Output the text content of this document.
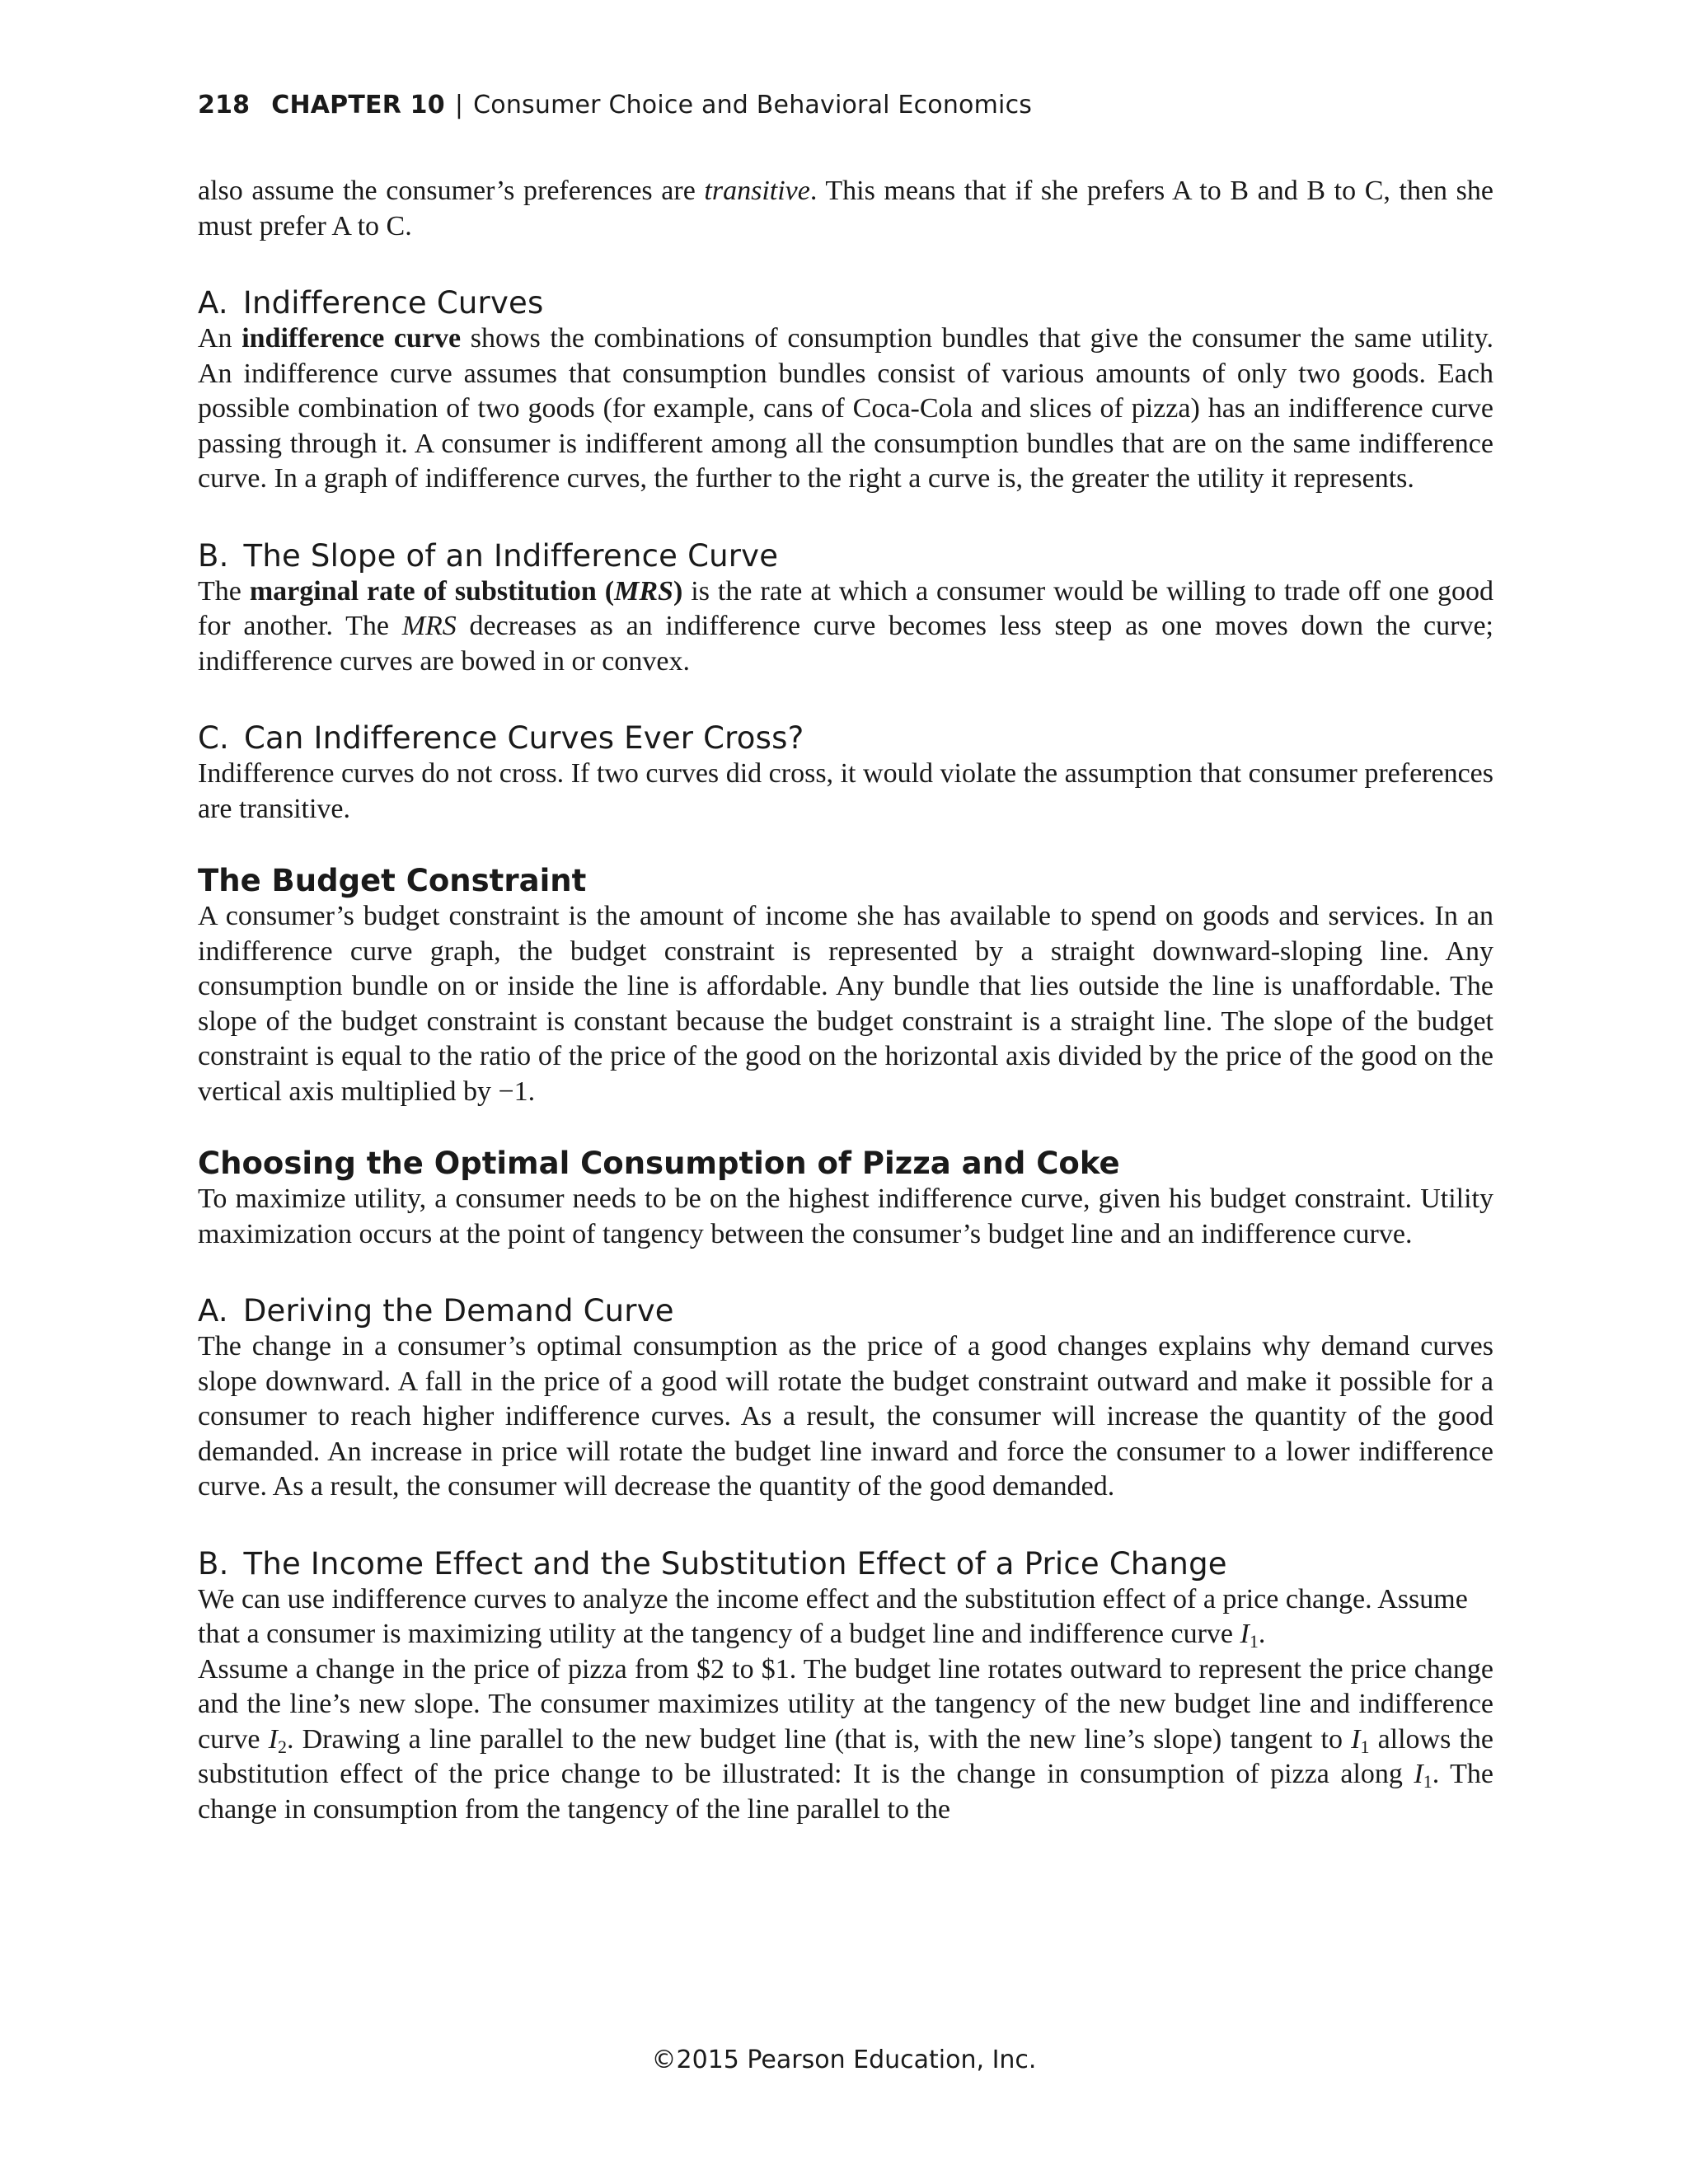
218 CHAPTER 10 | Consumer Choice and Behavioral Economics

also assume the consumer’s preferences are transitive. This means that if she prefers A to B and B to C, then she must prefer A to C.

A. Indifference Curves

An indifference curve shows the combinations of consumption bundles that give the consumer the same utility. An indifference curve assumes that consumption bundles consist of various amounts of only two goods. Each possible combination of two goods (for example, cans of Coca-Cola and slices of pizza) has an indifference curve passing through it. A consumer is indifferent among all the consumption bundles that are on the same indifference curve. In a graph of indifference curves, the further to the right a curve is, the greater the utility it represents.

B. The Slope of an Indifference Curve

The marginal rate of substitution (MRS) is the rate at which a consumer would be willing to trade off one good for another. The MRS decreases as an indifference curve becomes less steep as one moves down the curve; indifference curves are bowed in or convex.

C. Can Indifference Curves Ever Cross?

Indifference curves do not cross. If two curves did cross, it would violate the assumption that consumer preferences are transitive.

The Budget Constraint

A consumer’s budget constraint is the amount of income she has available to spend on goods and services. In an indifference curve graph, the budget constraint is represented by a straight downward-sloping line. Any consumption bundle on or inside the line is affordable. Any bundle that lies outside the line is unaffordable. The slope of the budget constraint is constant because the budget constraint is a straight line. The slope of the budget constraint is equal to the ratio of the price of the good on the horizontal axis divided by the price of the good on the vertical axis multiplied by −1.

Choosing the Optimal Consumption of Pizza and Coke

To maximize utility, a consumer needs to be on the highest indifference curve, given his budget constraint. Utility maximization occurs at the point of tangency between the consumer’s budget line and an indifference curve.

A. Deriving the Demand Curve

The change in a consumer’s optimal consumption as the price of a good changes explains why demand curves slope downward. A fall in the price of a good will rotate the budget constraint outward and make it possible for a consumer to reach higher indifference curves. As a result, the consumer will increase the quantity of the good demanded. An increase in price will rotate the budget line inward and force the consumer to a lower indifference curve. As a result, the consumer will decrease the quantity of the good demanded.

B. The Income Effect and the Substitution Effect of a Price Change

We can use indifference curves to analyze the income effect and the substitution effect of a price change. Assume that a consumer is maximizing utility at the tangency of a budget line and indifference curve $I_1$.

Assume a change in the price of pizza from $2 to $1. The budget line rotates outward to represent the price change and the line’s new slope. The consumer maximizes utility at the tangency of the new budget line and indifference curve $I_2$. Drawing a line parallel to the new budget line (that is, with the new line’s slope) tangent to $I_1$ allows the substitution effect of the price change to be illustrated: It is the change in consumption of pizza along $I_1$. The change in consumption from the tangency of the line parallel to the

©2015 Pearson Education, Inc.
